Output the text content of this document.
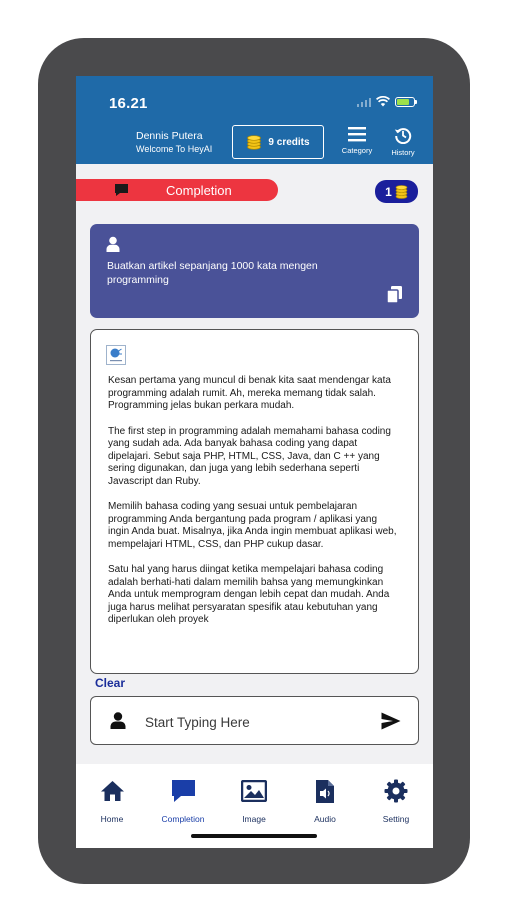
16.21
Dennis Putera
Welcome To HeyAI
9 credits
Category	History
Completion	1
Buatkan artikel sepanjang 1000 kata mengen programming

Kesan pertama yang muncul di benak kita saat mendengar kata programming adalah rumit. Ah, mereka memang tidak salah. Programming jelas bukan perkara mudah.

The first step in programming adalah memahami bahasa coding yang sudah ada. Ada banyak bahasa coding yang dapat dipelajari. Sebut saja PHP, HTML, CSS, Java, dan C ++ yang sering digunakan, dan juga yang lebih sederhana seperti Javascript dan Ruby.

Memilih bahasa coding yang sesuai untuk pembelajaran programming Anda bergantung pada program / aplikasi yang ingin Anda buat. Misalnya, jika Anda ingin membuat aplikasi web, mempelajari HTML, CSS, dan PHP cukup dasar.

Satu hal yang harus diingat ketika mempelajari bahasa coding adalah berhati-hati dalam memilih bahsa yang memungkinkan Anda untuk memprogram dengan lebih cepat dan mudah. Anda juga harus melihat persyaratan spesifik atau kebutuhan yang diperlukan oleh proyek

Clear
Start Typing Here
Home	Completion	Image	Audio	Setting
